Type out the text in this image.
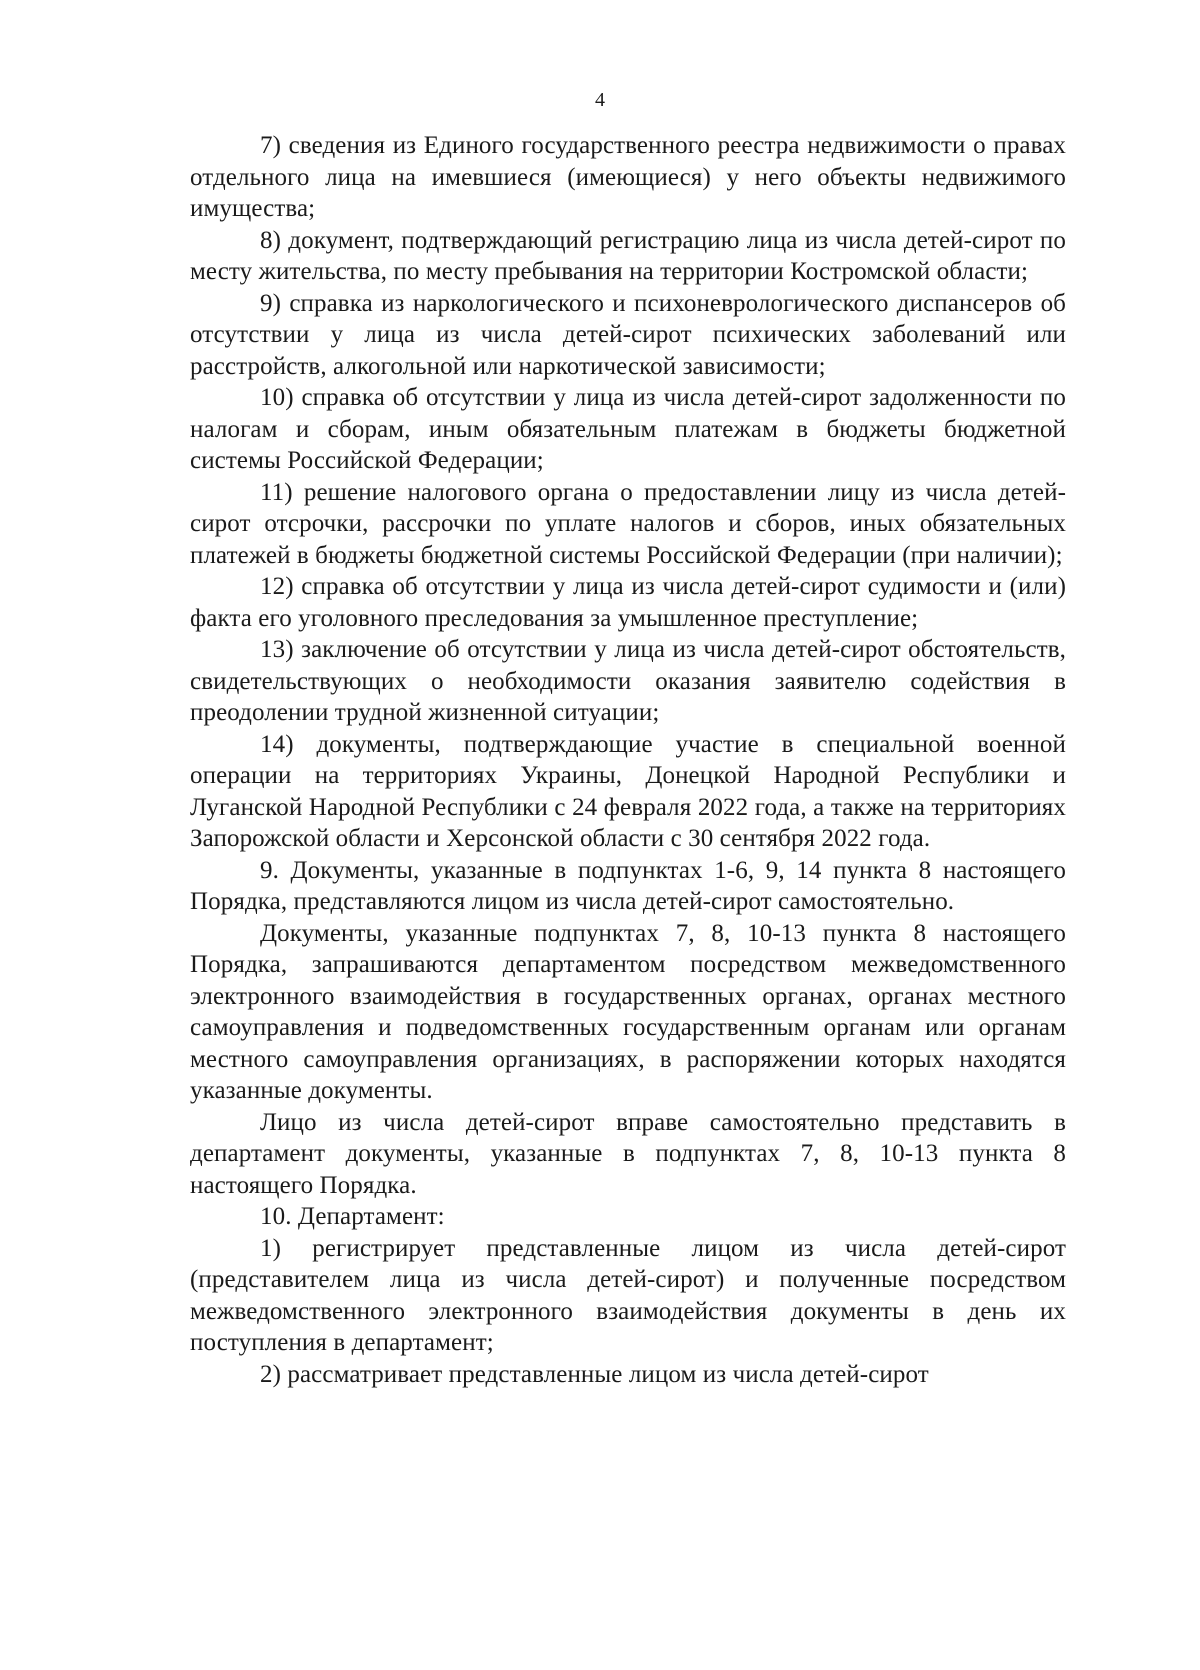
4

7) сведения из Единого государственного реестра недвижимости о правах отдельного лица на имевшиеся (имеющиеся) у него объекты недвижимого имущества;

8) документ, подтверждающий регистрацию лица из числа детей-сирот по месту жительства, по месту пребывания на территории Костромской области;

9) справка из наркологического и психоневрологического диспансеров об отсутствии у лица из числа детей-сирот психических заболеваний или расстройств, алкогольной или наркотической зависимости;

10) справка об отсутствии у лица из числа детей-сирот задолженности по налогам и сборам, иным обязательным платежам в бюджеты бюджетной системы Российской Федерации;

11) решение налогового органа о предоставлении лицу из числа детей-сирот отсрочки, рассрочки по уплате налогов и сборов, иных обязательных платежей в бюджеты бюджетной системы Российской Федерации (при наличии);

12) справка об отсутствии у лица из числа детей-сирот судимости и (или) факта его уголовного преследования за умышленное преступление;

13) заключение об отсутствии у лица из числа детей-сирот обстоятельств, свидетельствующих о необходимости оказания заявителю содействия в преодолении трудной жизненной ситуации;

14) документы, подтверждающие участие в специальной военной операции на территориях Украины, Донецкой Народной Республики и Луганской Народной Республики с 24 февраля 2022 года, а также на территориях Запорожской области и Херсонской области с 30 сентября 2022 года.

9. Документы, указанные в подпунктах 1-6, 9, 14 пункта 8 настоящего Порядка, представляются лицом из числа детей-сирот самостоятельно.

Документы, указанные подпунктах 7, 8, 10-13 пункта 8 настоящего Порядка, запрашиваются департаментом посредством межведомственного электронного взаимодействия в государственных органах, органах местного самоуправления и подведомственных государственным органам или органам местного самоуправления организациях, в распоряжении которых находятся указанные документы.

Лицо из числа детей-сирот вправе самостоятельно представить в департамент документы, указанные в подпунктах 7, 8, 10-13 пункта 8 настоящего Порядка.

10. Департамент:

1) регистрирует представленные лицом из числа детей-сирот (представителем лица из числа детей-сирот) и полученные посредством межведомственного электронного взаимодействия документы в день их поступления в департамент;

2) рассматривает представленные лицом из числа детей-сирот
